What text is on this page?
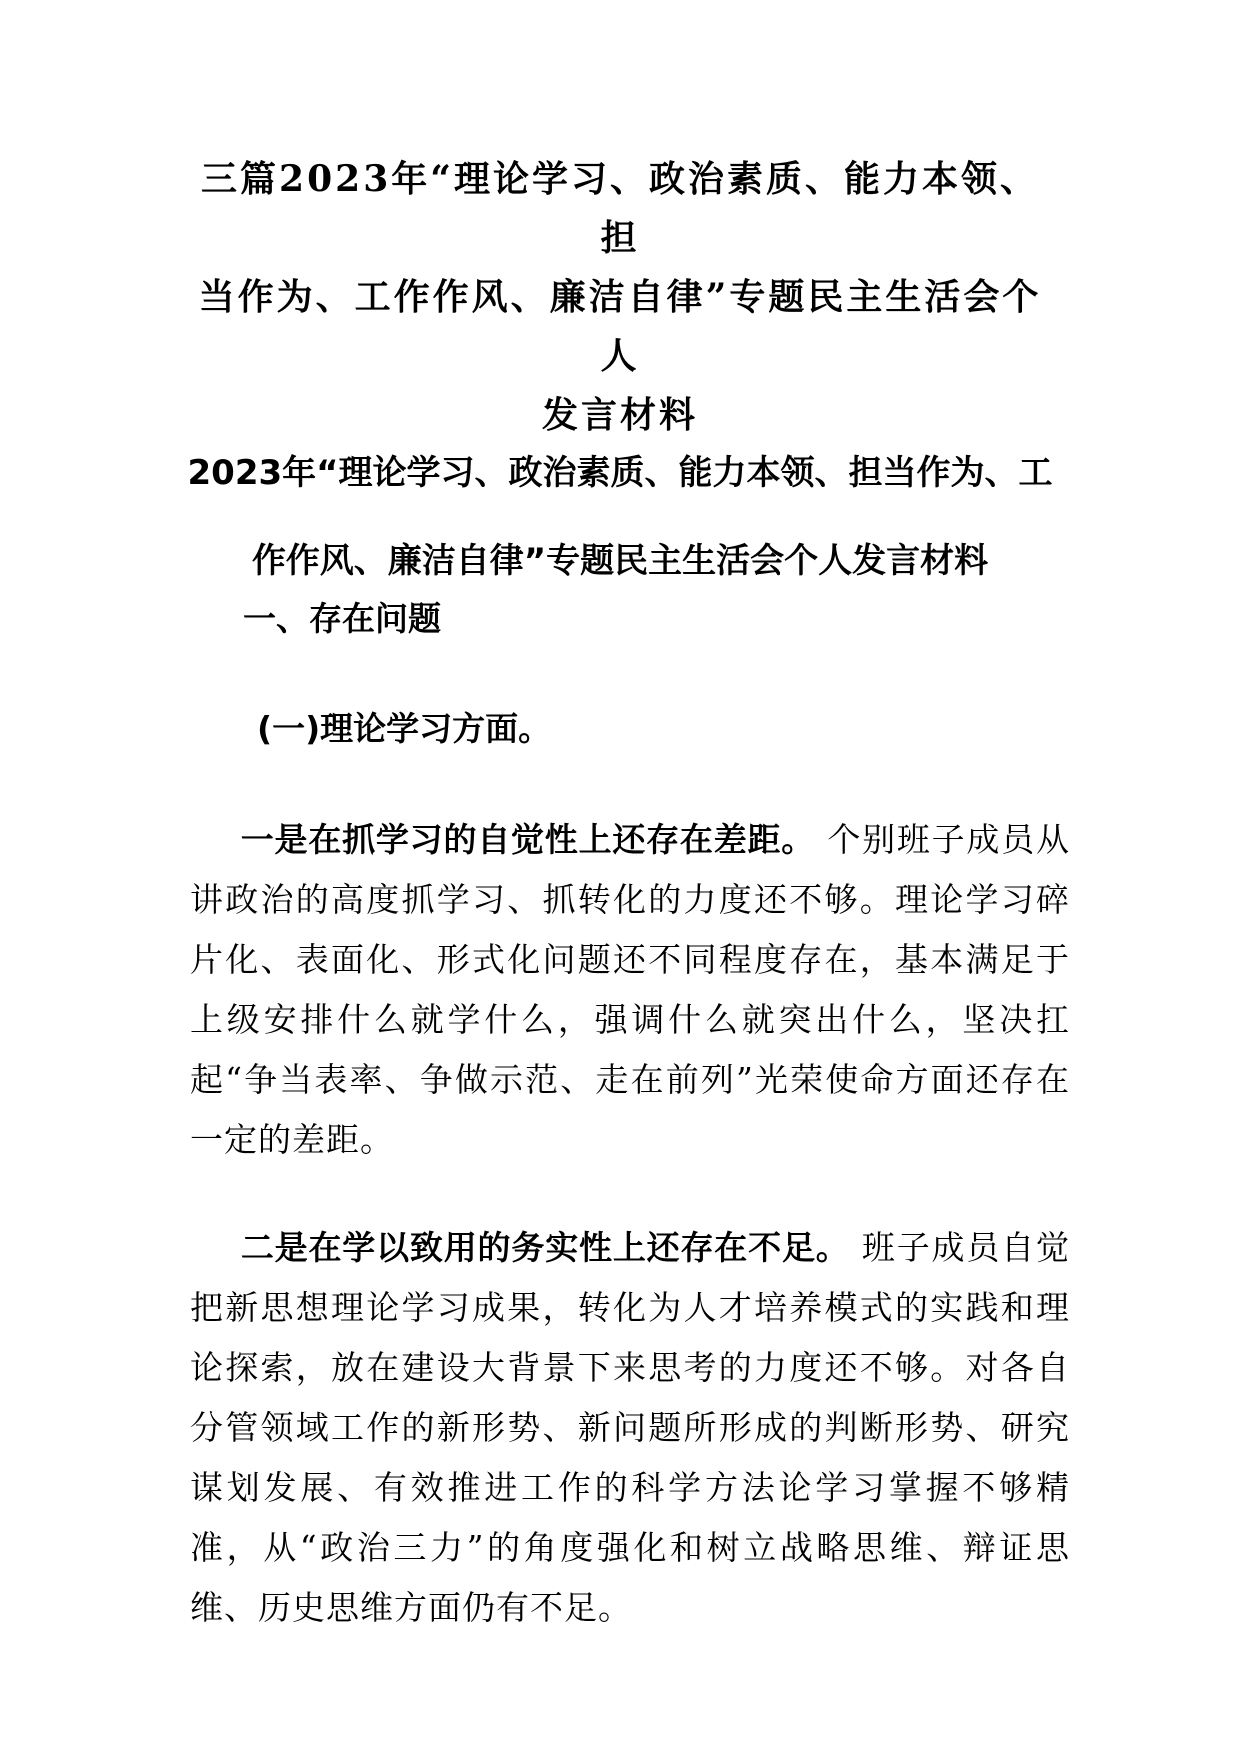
三篇2023年“理论学习、政治素质、能力本领、担
当作为、工作作风、廉洁自律”专题民主生活会个人
发言材料
2023年“理论学习、政治素质、能力本领、担当作为、工
作作风、廉洁自律”专题民主生活会个人发言材料
一、存在问题
(一)理论学习方面。

一是在抓学习的自觉性上还存在差距。 个别班子成员从讲政治的高度抓学习、抓转化的力度还不够。理论学习碎片化、表面化、形式化问题还不同程度存在，基本满足于上级安排什么就学什么，强调什么就突出什么，坚决扛起“争当表率、争做示范、走在前列”光荣使命方面还存在一定的差距。

二是在学以致用的务实性上还存在不足。 班子成员自觉把新思想理论学习成果，转化为人才培养模式的实践和理论探索，放在建设大背景下来思考的力度还不够。对各自分管领域工作的新形势、新问题所形成的判断形势、研究谋划发展、有效推进工作的科学方法论学习掌握不够精准，从“政治三力”的角度强化和树立战略思维、辩证思维、历史思维方面仍有不足。
